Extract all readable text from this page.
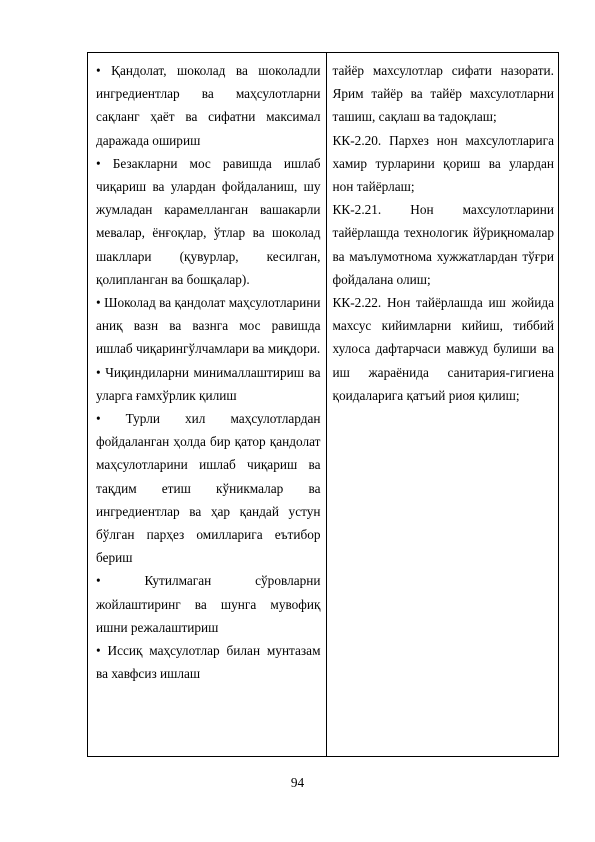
• Қандолат, шоколад ва шоколадли ингредиентлар ва маҳсулотларни сақланг ҳаёт ва сифатни максимал даражада ошириш

• Безакларни мос равишда ишлаб чиқариш ва улардан фойдаланиш, шу жумладан карамелланган вашакарли мевалар, ёнғоқлар, ўтлар ва шоколад шакллари (қувурлар, кесилган, қолипланган ва бошқалар).

• Шоколад ва қандолат маҳсулотларини аниқ вазн ва вазнга мос равишда ишлаб чиқарингўлчамлари ва миқдори.

• Чиқиндиларни минималлаштириш ва уларга ғамхўрлик қилиш

• Турли хил маҳсулотлардан фойдаланган ҳолда бир қатор қандолат маҳсулотларини ишлаб чиқариш ва тақдим етиш кўникмалар ва ингредиентлар ва ҳар қандай устун бўлган парҳез омилларига еътибор бериш

• Кутилмаган сўровларни жойлаштиринг ва шунга мувофиқ ишни режалаштириш

• Иссиқ маҳсулотлар билан мунтазам ва хавфсиз ишлаш

тайёр махсулотлар сифати назорати. Ярим тайёр ва тайёр махсулотларни ташиш, сақлаш ва тадоқлаш;

КК-2.20. Пархез нон махсулотларига хамир турларини қориш ва улардан нон тайёрлаш;

КК-2.21. Нон махсулотларини тайёрлашда технологик йўриқномалар ва маълумотнома хужжатлардан тўғри фойдалана олиш;

КК-2.22. Нон тайёрлашда иш жойида махсус кийимларни кийиш, тиббий хулоса дафтарчаси мавжуд булиши ва иш жараёнида санитария-гигиена қоидаларига қатъий риоя қилиш;

94
